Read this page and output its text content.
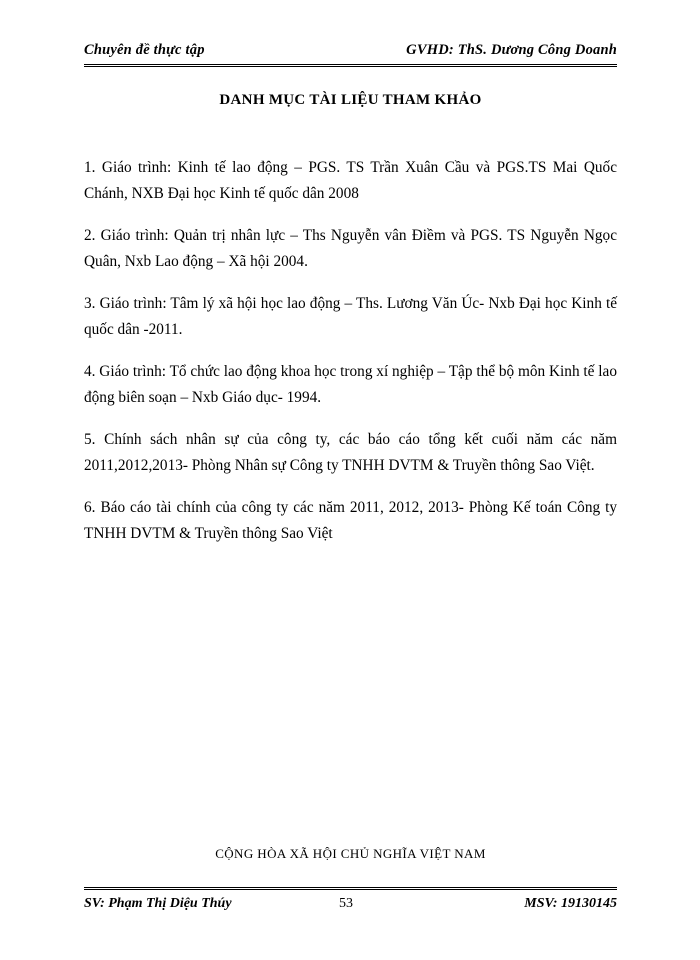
Chuyên đề thực tập	GVHD: ThS. Dương Công Doanh
DANH MỤC TÀI LIỆU THAM KHẢO

1. Giáo trình: Kinh tế lao động – PGS. TS Trần Xuân Cầu và PGS.TS Mai Quốc Chánh, NXB Đại học Kinh tế quốc dân 2008

2. Giáo trình: Quản trị nhân lực – Ths Nguyễn vân Điềm và PGS. TS Nguyễn Ngọc Quân, Nxb Lao động – Xã hội 2004.

3. Giáo trình: Tâm lý xã hội học lao động – Ths. Lương Văn Úc- Nxb Đại học Kinh tế quốc dân -2011.

4. Giáo trình: Tổ chức lao động khoa học trong xí nghiệp – Tập thể bộ môn Kinh tế lao động biên soạn – Nxb Giáo dục- 1994.

5. Chính sách nhân sự của công ty, các báo cáo tổng kết cuối năm các năm 2011,2012,2013- Phòng Nhân sự Công ty TNHH DVTM & Truyền thông Sao Việt.

6. Báo cáo tài chính của công ty các năm 2011, 2012, 2013- Phòng Kế toán Công ty TNHH DVTM & Truyền thông Sao Việt

CỘNG HÒA XÃ HỘI CHỦ NGHĨA VIỆT NAM
SV: Phạm Thị Diệu Thúy	53	MSV: 19130145
